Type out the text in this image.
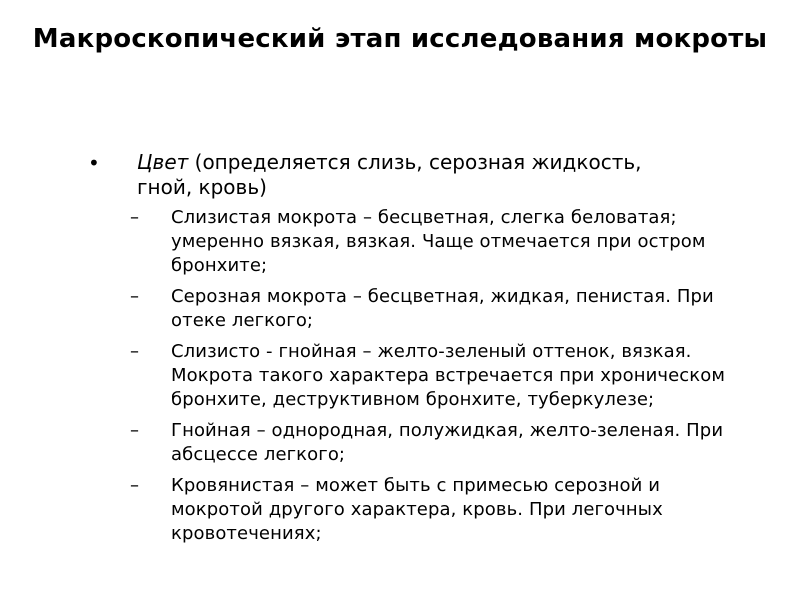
Макроскопический этап исследования мокроты
• Цвет (определяется слизь, серозная жидкость, гной, кровь)

– Слизистая мокрота – бесцветная, слегка беловатая; умеренно вязкая, вязкая. Чаще отмечается при остром бронхите;
– Серозная мокрота – бесцветная, жидкая, пенистая. При отеке легкого;
– Слизисто - гнойная – желто-зеленый оттенок, вязкая. Мокрота такого характера встречается при хроническом бронхите, деструктивном бронхите, туберкулезе;
– Гнойная – однородная, полужидкая, желто-зеленая. При абсцессе легкого;
– Кровянистая – может быть с примесью серозной и мокротой другого характера, кровь. При легочных кровотечениях;
